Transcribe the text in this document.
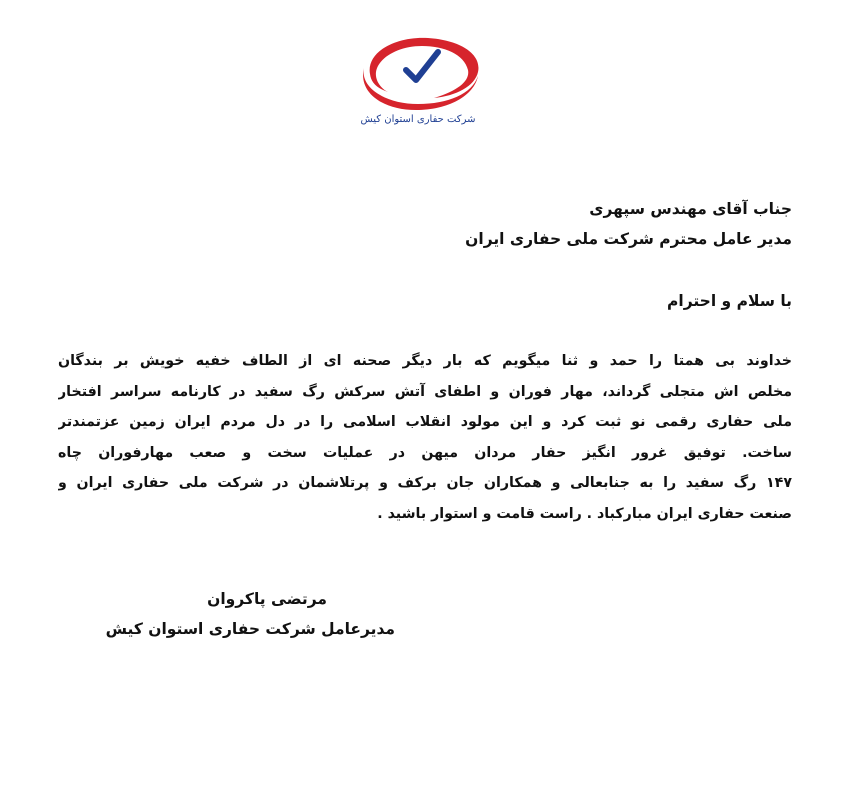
شرکت حفاری استوان کیش
جناب آقای مهندس سپهری
مدیر عامل محترم شرکت ملی حفاری ایران
با سلام و احترام
خداوند بی همتا را حمد و ثنا میگویم که بار دیگر صحنه ای از الطاف خفیه خویش بر بندگان
مخلص اش متجلی گرداند، مهار فوران و اطفای آتش سرکش رگ سفید در کارنامه سراسر افتخار
ملی حفاری رقمی نو ثبت کرد و این مولود انقلاب اسلامی را در دل مردم ایران زمین عزتمندتر
ساخت. توفیق غرور انگیز حفار مردان میهن در عملیات سخت و صعب مهارفوران چاه
۱۴۷ رگ سفید را به جنابعالی و همکاران جان برکف و پرتلاشمان در شرکت ملی حفاری ایران و
صنعت حفاری ایران مبارکباد . راست قامت و استوار باشید .
مرتضی پاکروان
مدیرعامل شرکت حفاری استوان کیش
